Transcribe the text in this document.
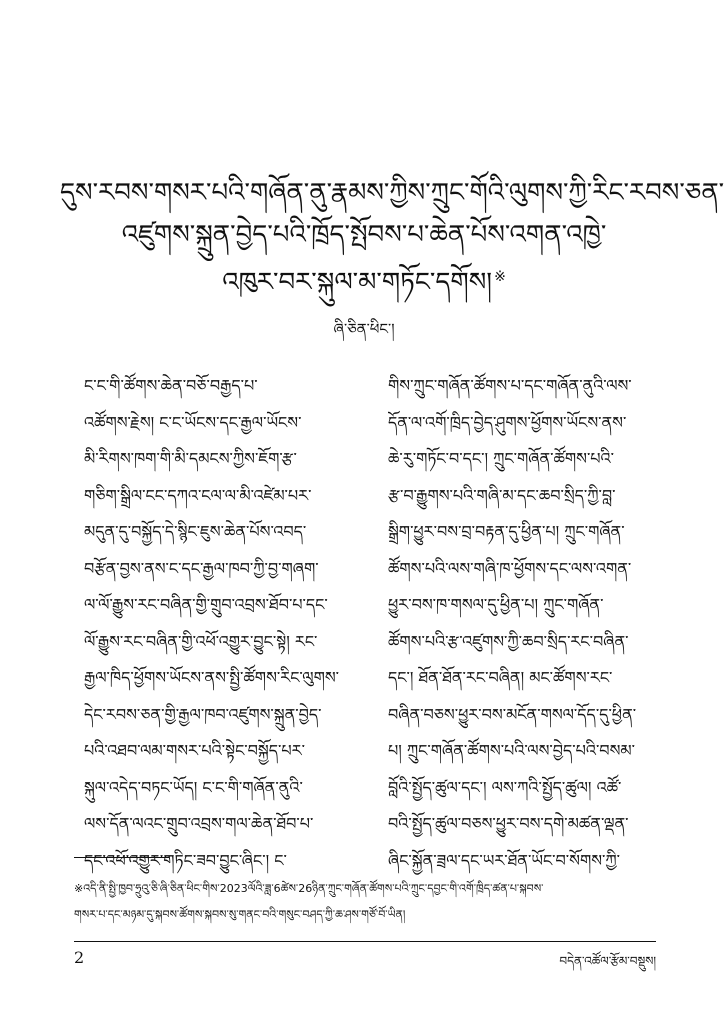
དུས་རབས་གསར་པའི་གཞོན་ནུ་རྣམས་ཀྱིས་ཀྲུང་གོའི་ལུགས་ཀྱི་རིང་རབས་ཅན་
འཛུགས་སྐྲུན་བྱེད་པའི་ཁྲོད་སྤོབས་པ་ཆེན་པོས་འགན་འཁྱེ་
འཁུར་བར་སྐུལ་མ་གཏོང་དགོས། ※
ཞི་ཅིན་ཕིང་།
ང་ང་གི་ཚོགས་ཆེན་བཅོ་བརྒྱད་པ་
འཚོགས་རྗེས། ང་ང་ཡོངས་དང་རྒྱལ་ཡོངས་
མི་རིགས་ཁག་གི་མི་དམངས་ཀྱིས་ཇོག་རྩ་
གཅིག་སྒྲིལ་ངང་དཀའ་ངལ་ལ་མི་འཛེམ་པར་
མདུན་དུ་བསྐྱོད་དེ་སྙིང་ཇུས་ཆེན་པོས་འབད་
བརྩོན་བྱས་ནས་ང་དང་རྒྱལ་ཁབ་ཀྱི་བྱ་གཞག་
ལ་ལོ་རྒྱུས་རང་བཞིན་གྱི་གྲུབ་འབྲས་ཐོབ་པ་དང་
ལོ་རྒྱུས་རང་བཞིན་གྱི་འཕོ་འགྱུར་བྱུང་སྟེ། རང་
རྒྱལ་ཁིད་ཕྱོགས་ཡོངས་ནས་སྤྱི་ཚོགས་རིང་ལུགས་
དེང་རབས་ཅན་གྱི་རྒྱལ་ཁབ་འཛུགས་སྐྲུན་བྱེད་
པའི་འཐབ་ལམ་གསར་པའི་སྟེང་བསྐྱོད་པར་
སྐུལ་འདེད་བཏང་ཡོད། ང་ང་གི་གཞོན་ནུའི་
ལས་དོན་ལའང་གྲུབ་འབྲས་གལ་ཆེན་ཐོབ་པ་
དང་འཕོ་འགྱུར་གཏིང་ཟབ་བྱུང་ཞིང་། ང་
གིས་ཀྲུང་གཞོན་ཚོགས་པ་དང་གཞོན་ནུའི་ལས་
དོན་ལ་འགོ་ཁྲིད་བྱེད་ཤུགས་ཕྱོགས་ཡོངས་ནས་
ཆེ་རུ་གཏོང་བ་དང་། ཀྲུང་གཞོན་ཚོགས་པའི་
རྩ་བ་རྒྱུགས་པའི་གཞི་མ་དང་ཆབ་སྲིད་ཀྱི་བླ་
སྒྲིག་ཕྱུར་བས་བྲ་བརྟན་དུ་ཕྱིན་པ། ཀྲུང་གཞོན་
ཚོགས་པའི་ལས་གཞི་ཁ་ཕྱོགས་དང་ལས་འགན་
ཕྱུར་བས་ཁ་གསལ་དུ་ཕྱིན་པ། ཀྲུང་གཞོན་
ཚོགས་པའི་རྩ་འཛུགས་ཀྱི་ཆབ་སྲིད་རང་བཞིན་
དང་། ཐོན་ཐོན་རང་བཞིན། མང་ཚོགས་རང་
བཞིན་བཅས་ཕྱུར་བས་མངོན་གསལ་དོད་དུ་ཕྱིན་
པ། ཀྲུང་གཞོན་ཚོགས་པའི་ལས་བྱེད་པའི་བསམ་
བློའི་སྤྱོད་ཚུལ་དང་། ལས་ཀའི་སྤྱོད་ཚུལ། འཚོ་
བའི་སྤྱོད་ཚུལ་བཅས་ཕྱུར་བས་དགེ་མཚན་ལྡན་
ཞིང་སྐྱོན་ཟྲལ་དང་ཡར་ཐོན་ཡོང་བ་སོགས་ཀྱི་
※འདི་ནི་སྤྱི་ཁྱབ་ཧྲུའུ་ཅི་ཞི་ཅིན་ཕིང་གིས་2023ལོའི་ཟླ་6ཚེས་26ཉིན་ཀྲུང་གཞོན་ཚོགས་པའི་ཀྲུང་དབྱང་གི་འགོ་ཁྲིད་ཚན་པ་སྐབས་
གསར་པ་དང་མཉམ་དུ་སྐབས་ཚོགས་སྐབས་སུ་གནང་བའི་གསུང་བཤད་ཀྱི་ཆ་ཤས་གཙོ་བོ་ཡིན།
2	བདེན་འཚོལ་རྩོམ་བསྡུས།
